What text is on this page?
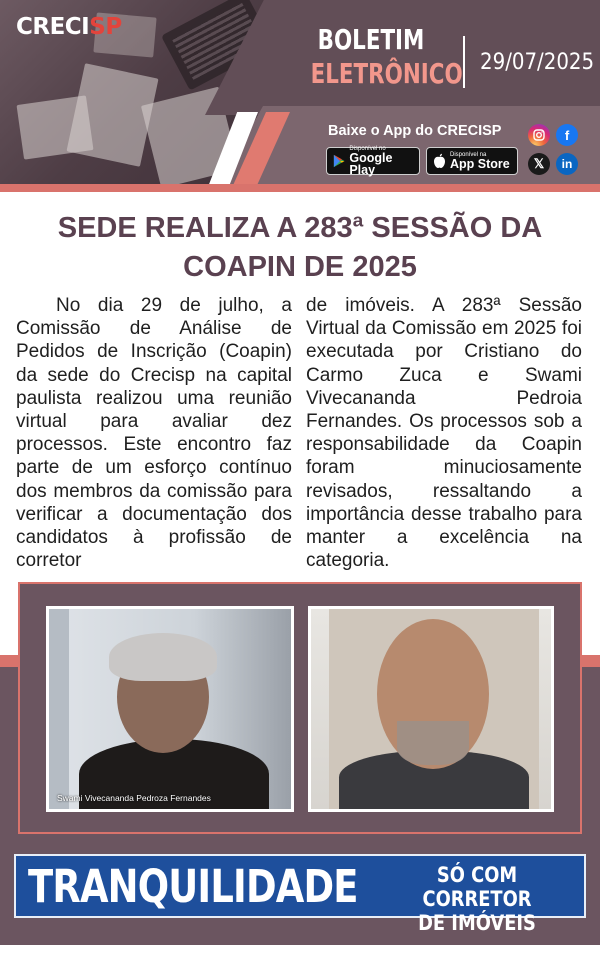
CRECISP	BOLETIM
ELETRÔNICO 29/07/2025
Baixe o App do CRECISP
Disponível no
Google Play
Disponível na
App Store
f
𝕏	in
SEDE REALIZA A 283ª SESSÃO DA COAPIN DE 2025

No dia 29 de julho, a Comissão de Análise de Pedidos de Inscrição (Coapin) da sede do Crecisp na capital paulista realizou uma reunião virtual para avaliar dez processos. Este encontro faz parte de um esforço contínuo dos membros da comissão para verificar a documentação dos candidatos à profissão de corretor

de imóveis. A 283ª Sessão Virtual da Comissão em 2025 foi executada por Cristiano do Carmo Zuca e Swami Vivecananda Pedroia Fernandes. Os processos sob a responsabilidade da Coapin foram minuciosamente revisados, ressaltando a importância desse trabalho para manter a excelência na categoria.

Swami Vivecananda Pedroza Fernandes
TRANQUILIDADE	SÓ COM CORRETOR
DE IMÓVEIS
